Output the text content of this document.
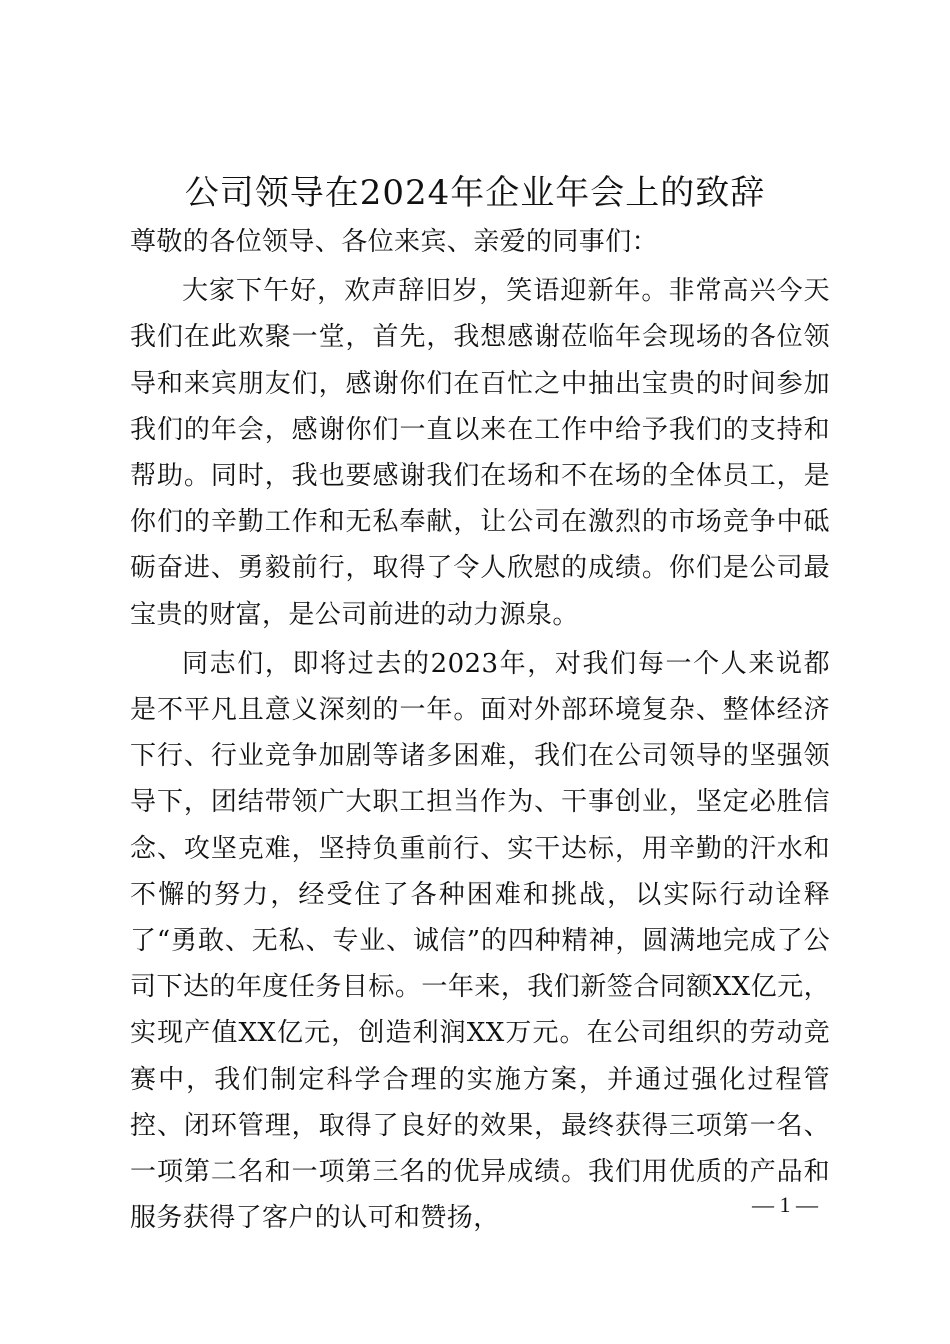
公司领导在2024年企业年会上的致辞

尊敬的各位领导、各位来宾、亲爱的同事们：

大家下午好，欢声辞旧岁，笑语迎新年。非常高兴今天我们在此欢聚一堂，首先，我想感谢莅临年会现场的各位领导和来宾朋友们，感谢你们在百忙之中抽出宝贵的时间参加我们的年会，感谢你们一直以来在工作中给予我们的支持和帮助。同时，我也要感谢我们在场和不在场的全体员工，是你们的辛勤工作和无私奉献，让公司在激烈的市场竞争中砥砺奋进、勇毅前行，取得了令人欣慰的成绩。你们是公司最宝贵的财富，是公司前进的动力源泉。

同志们，即将过去的2023年，对我们每一个人来说都是不平凡且意义深刻的一年。面对外部环境复杂、整体经济下行、行业竞争加剧等诸多困难，我们在公司领导的坚强领导下，团结带领广大职工担当作为、干事创业，坚定必胜信念、攻坚克难，坚持负重前行、实干达标，用辛勤的汗水和不懈的努力，经受住了各种困难和挑战，以实际行动诠释了“勇敢、无私、专业、诚信”的四种精神，圆满地完成了公司下达的年度任务目标。一年来，我们新签合同额XX亿元，实现产值XX亿元，创造利润XX万元。在公司组织的劳动竞赛中，我们制定科学合理的实施方案，并通过强化过程管控、闭环管理，取得了良好的效果，最终获得三项第一名、一项第二名和一项第三名的优异成绩。我们用优质的产品和服务获得了客户的认可和赞扬，	— 1 —
